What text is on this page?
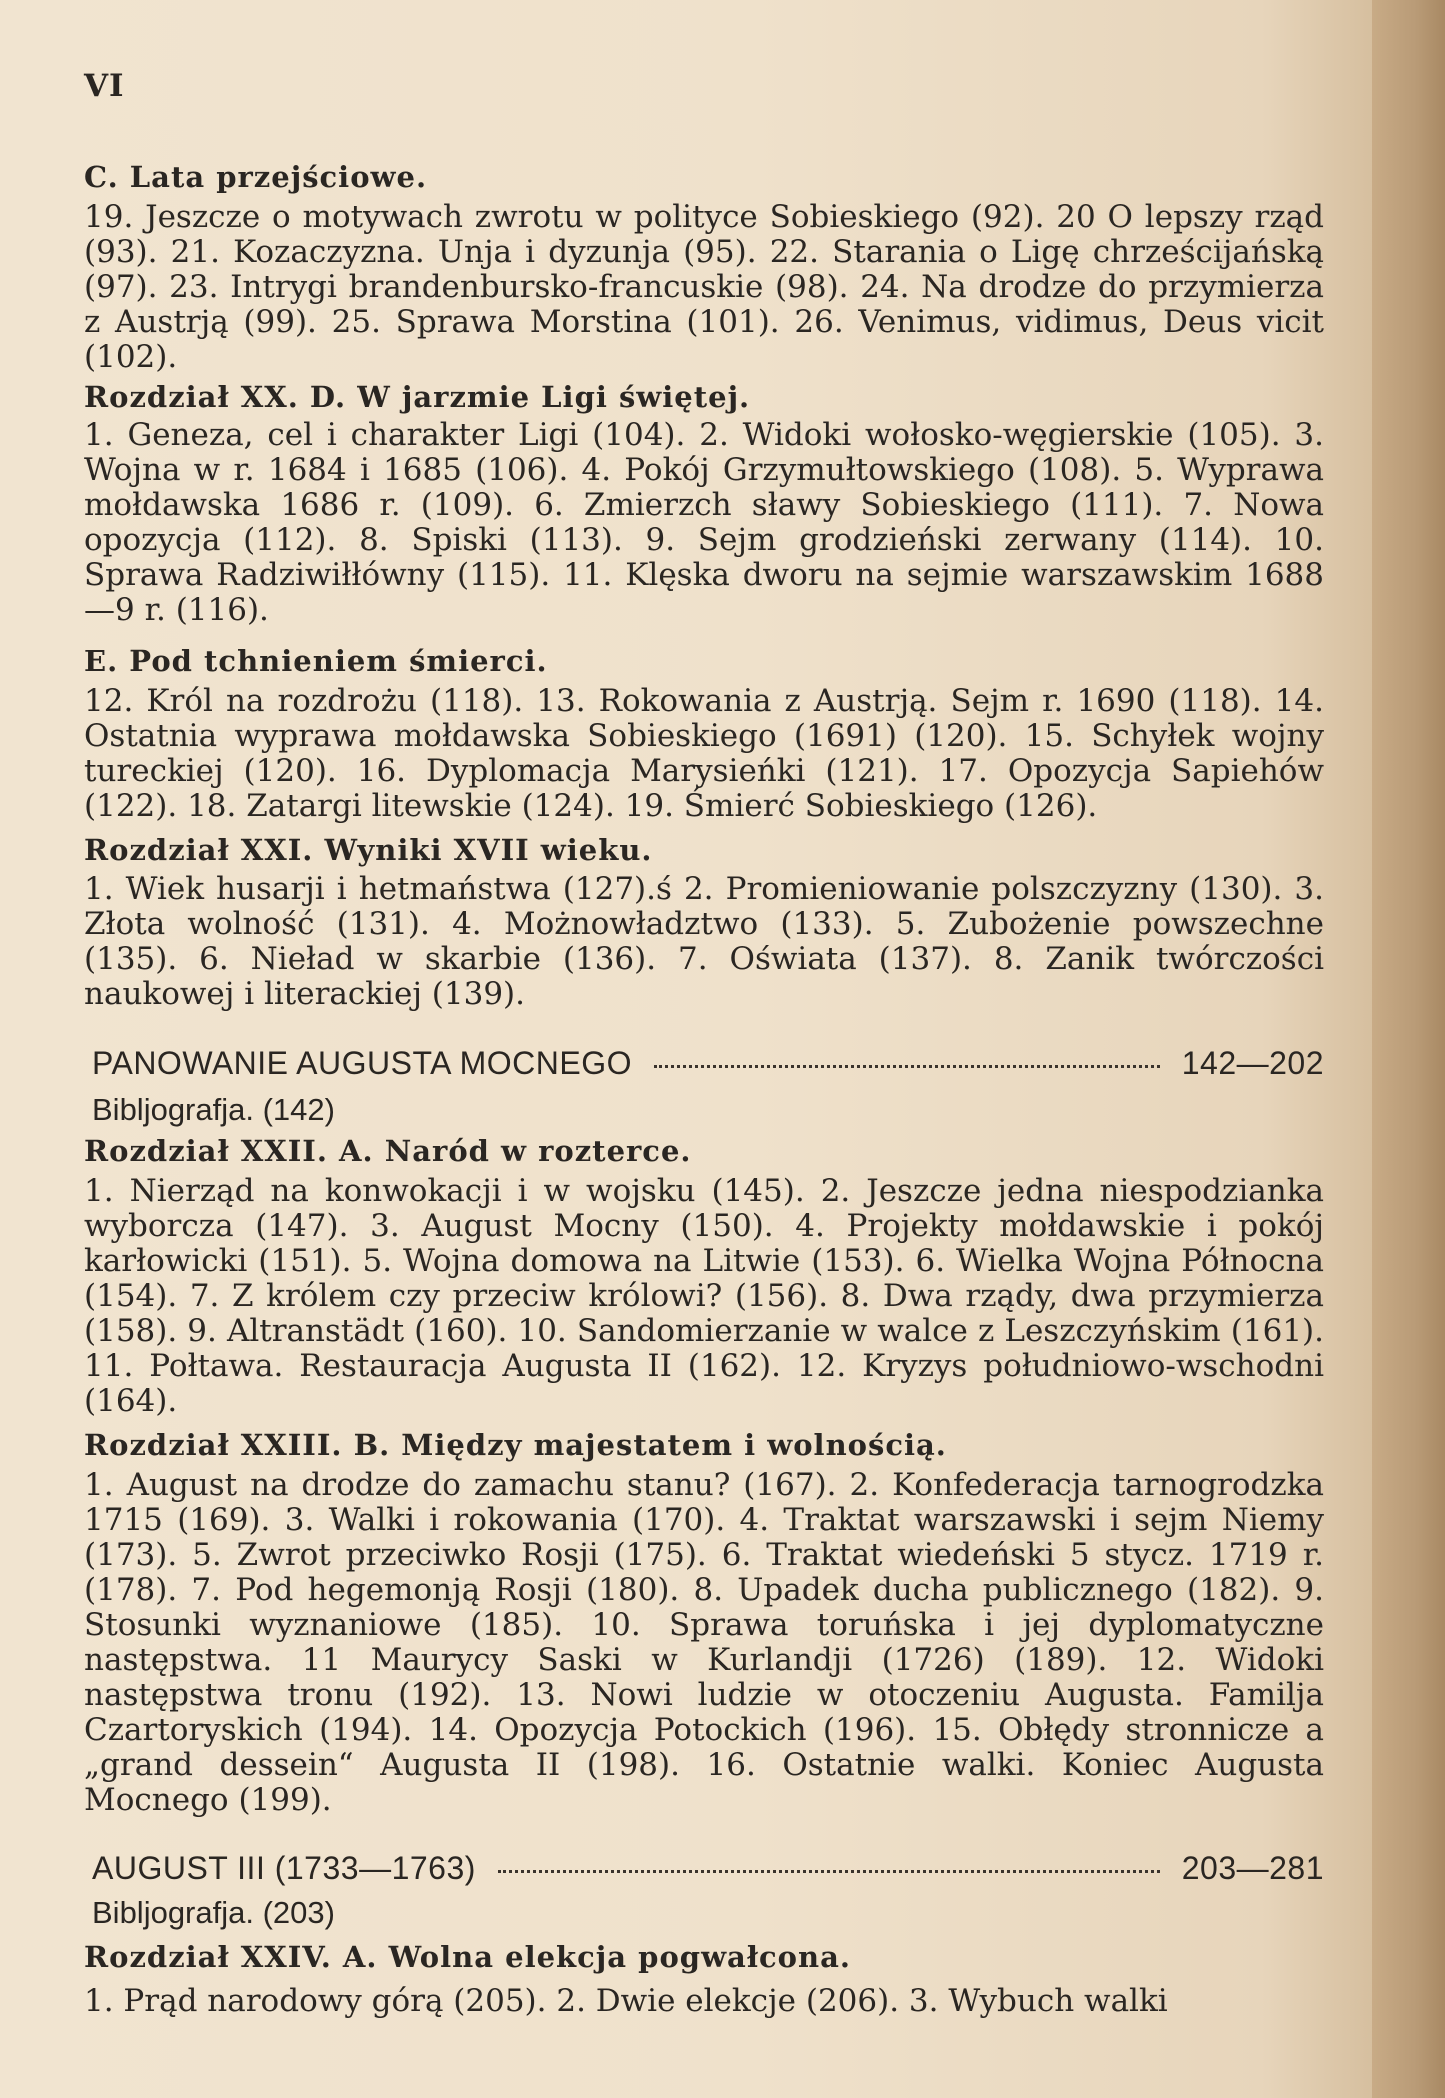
VI
C. Lata przejściowe.
19. Jeszcze o motywach zwrotu w polityce Sobieskiego (92). 20 O lepszy rząd (93). 21. Kozaczyzna. Unja i dyzunja (95). 22. Starania o Ligę chrześcijańską (97). 23. Intrygi brandenbursko-francuskie (98). 24. Na drodze do przymierza z Austrją (99). 25. Sprawa Morstina (101). 26. Venimus, vidimus, Deus vicit (102).
Rozdział XX. D. W jarzmie Ligi świętej.
1. Geneza, cel i charakter Ligi (104). 2. Widoki wołosko-węgierskie (105). 3. Wojna w r. 1684 i 1685 (106). 4. Pokój Grzymułtowskiego (108). 5. Wyprawa mołdawska 1686 r. (109). 6. Zmierzch sławy Sobieskiego (111). 7. Nowa opozycja (112). 8. Spiski (113). 9. Sejm grodzieński zerwany (114). 10. Sprawa Radziwiłłówny (115). 11. Klęska dworu na sejmie warszawskim 1688—9 r. (116).
E. Pod tchnieniem śmierci.
12. Król na rozdrożu (118). 13. Rokowania z Austrją. Sejm r. 1690 (118). 14. Ostatnia wyprawa mołdawska Sobieskiego (1691) (120). 15. Schyłek wojny tureckiej (120). 16. Dyplomacja Marysieńki (121). 17. Opozycja Sapiehów (122). 18. Zatargi litewskie (124). 19. Śmierć Sobieskiego (126).
Rozdział XXI. Wyniki XVII wieku.
1. Wiek husarji i hetmaństwa (127).ś 2. Promieniowanie polszczyzny (130). 3. Złota wolność (131). 4. Możnowładztwo (133). 5. Zubożenie powszechne (135). 6. Nieład w skarbie (136). 7. Oświata (137). 8. Zanik twórczości naukowej i literackiej (139).
PANOWANIE AUGUSTA MOCNEGO	142—202
Bibljografja. (142)
Rozdział XXII. A. Naród w rozterce.
1. Nierząd na konwokacji i w wojsku (145). 2. Jeszcze jedna niespodzianka wyborcza (147). 3. August Mocny (150). 4. Projekty mołdawskie i pokój karłowicki (151). 5. Wojna domowa na Litwie (153). 6. Wielka Wojna Północna (154). 7. Z królem czy przeciw królowi? (156). 8. Dwa rządy, dwa przymierza (158). 9. Altranstädt (160). 10. Sandomierzanie w walce z Leszczyńskim (161). 11. Połtawa. Restauracja Augusta II (162). 12. Kryzys południowo-wschodni (164).
Rozdział XXIII. B. Między majestatem i wolnością.
1. August na drodze do zamachu stanu? (167). 2. Konfederacja tarnogrodzka 1715 (169). 3. Walki i rokowania (170). 4. Traktat warszawski i sejm Niemy (173). 5. Zwrot przeciwko Rosji (175). 6. Traktat wiedeński 5 stycz. 1719 r. (178). 7. Pod hegemonją Rosji (180). 8. Upadek ducha publicznego (182). 9. Stosunki wyznaniowe (185). 10. Sprawa toruńska i jej dyplomatyczne następstwa. 11 Maurycy Saski w Kurlandji (1726) (189). 12. Widoki następstwa tronu (192). 13. Nowi ludzie w otoczeniu Augusta. Familja Czartoryskich (194). 14. Opozycja Potockich (196). 15. Obłędy stronnicze a „grand dessein“ Augusta II (198). 16. Ostatnie walki. Koniec Augusta Mocnego (199).
AUGUST III (1733—1763)	203—281
Bibljografja. (203)
Rozdział XXIV. A. Wolna elekcja pogwałcona.
1. Prąd narodowy górą (205). 2. Dwie elekcje (206). 3. Wybuch walki
